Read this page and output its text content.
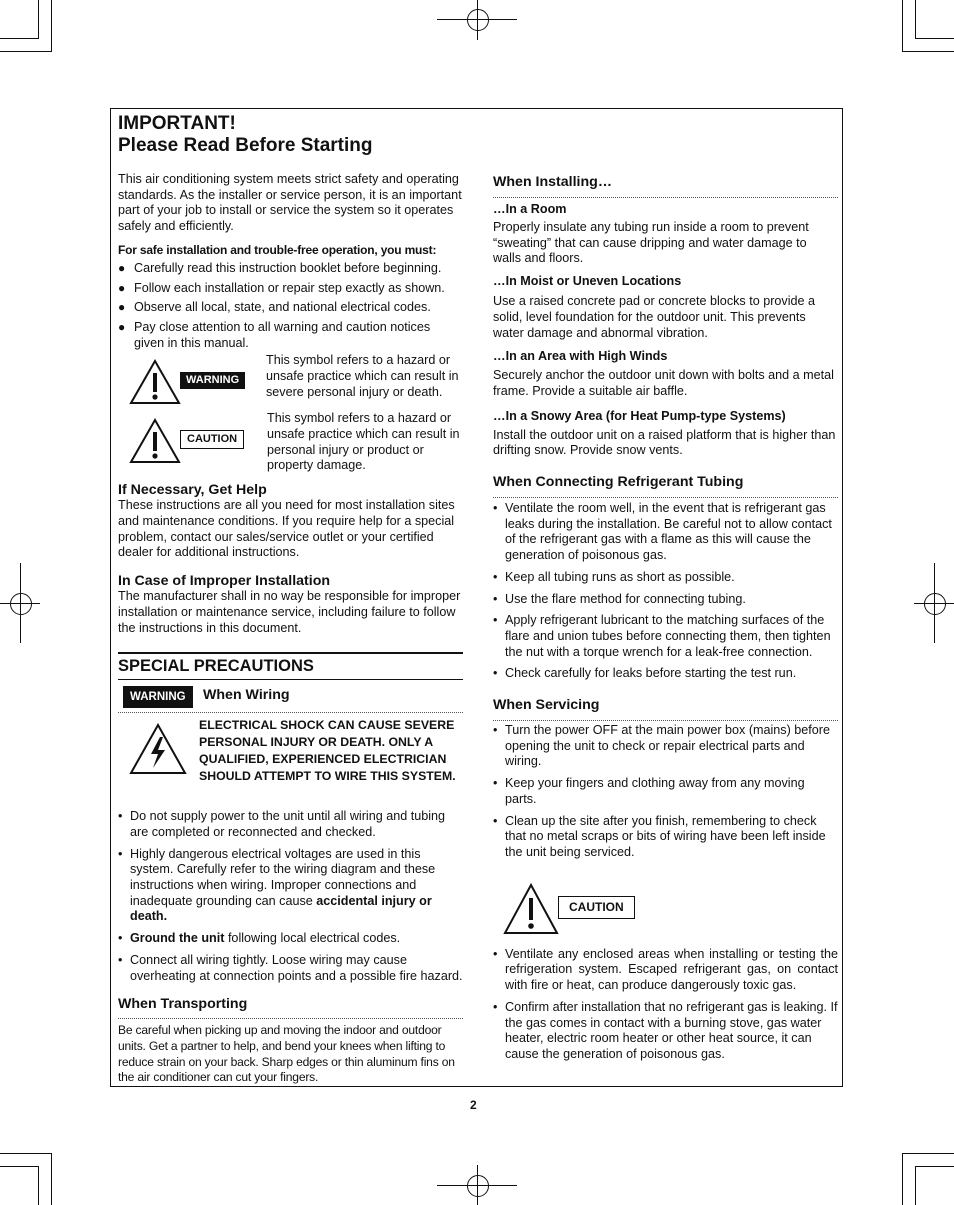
IMPORTANT!
Please Read Before Starting

This air conditioning system meets strict safety and operating standards. As the installer or service person, it is an important part of your job to install or service the system so it operates safely and efficiently.

For safe installation and trouble-free operation, you must:

● Carefully read this instruction booklet before beginning.
● Follow each installation or repair step exactly as shown.
● Observe all local, state, and national electrical codes.
● Pay close attention to all warning and caution notices given in this manual.
WARNING

This symbol refers to a hazard or unsafe practice which can result in severe personal injury or death.

CAUTION

This symbol refers to a hazard or unsafe practice which can result in personal injury or product or property damage.

If Necessary, Get Help

These instructions are all you need for most installation sites and maintenance conditions. If you require help for a special problem, contact our sales/service outlet or your certified dealer for additional instructions.

In Case of Improper Installation

The manufacturer shall in no way be responsible for improper installation or maintenance service, including failure to follow the instructions in this document.

SPECIAL PRECAUTIONS
WARNING	When Wiring

ELECTRICAL SHOCK CAN CAUSE SEVERE PERSONAL INJURY OR DEATH. ONLY A QUALIFIED, EXPERIENCED ELECTRICIAN SHOULD ATTEMPT TO WIRE THIS SYSTEM.

• Do not supply power to the unit until all wiring and tubing are completed or reconnected and checked.
• Highly dangerous electrical voltages are used in this system. Carefully refer to the wiring diagram and these instructions when wiring. Improper connections and inadequate grounding can cause accidental injury or death.
• Ground the unit following local electrical codes.
• Connect all wiring tightly. Loose wiring may cause overheating at connection points and a possible fire hazard.

When Transporting

Be careful when picking up and moving the indoor and outdoor units. Get a partner to help, and bend your knees when lifting to reduce strain on your back. Sharp edges or thin aluminum fins on the air conditioner can cut your fingers.

When Installing…

…In a Room

Properly insulate any tubing run inside a room to prevent “sweating” that can cause dripping and water damage to walls and floors.

…In Moist or Uneven Locations

Use a raised concrete pad or concrete blocks to provide a solid, level foundation for the outdoor unit. This prevents water damage and abnormal vibration.

…In an Area with High Winds

Securely anchor the outdoor unit down with bolts and a metal frame. Provide a suitable air baffle.

…In a Snowy Area (for Heat Pump-type Systems)

Install the outdoor unit on a raised platform that is higher than drifting snow. Provide snow vents.

When Connecting Refrigerant Tubing

• Ventilate the room well, in the event that is refrigerant gas leaks during the installation. Be careful not to allow contact of the refrigerant gas with a flame as this will cause the generation of poisonous gas.
• Keep all tubing runs as short as possible.
• Use the flare method for connecting tubing.
• Apply refrigerant lubricant to the matching surfaces of the flare and union tubes before connecting them, then tighten the nut with a torque wrench for a leak-free connection.
• Check carefully for leaks before starting the test run.

When Servicing

• Turn the power OFF at the main power box (mains) before opening the unit to check or repair electrical parts and wiring.
• Keep your fingers and clothing away from any moving parts.
• Clean up the site after you finish, remembering to check that no metal scraps or bits of wiring have been left inside the unit being serviced.
CAUTION
• Ventilate any enclosed areas when installing or testing the refrigeration system. Escaped refrigerant gas, on contact with fire or heat, can produce dangerously toxic gas.
• Confirm after installation that no refrigerant gas is leaking. If the gas comes in contact with a burning stove, gas water heater, electric room heater or other heat source, it can cause the generation of poisonous gas.
2
